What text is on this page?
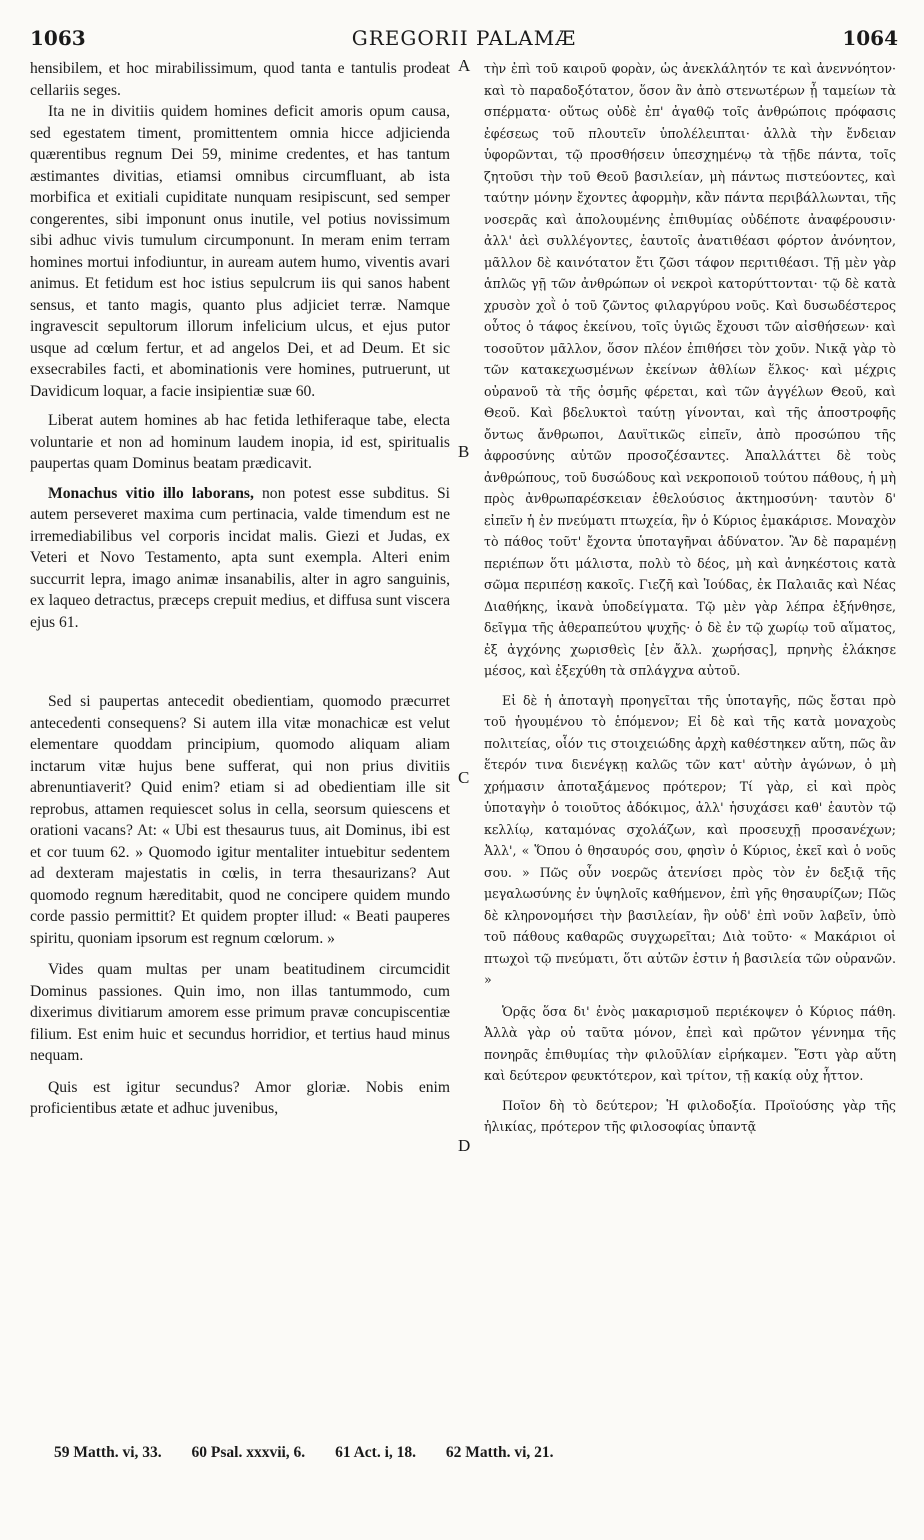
1063	GREGORII PALAMÆ	1064

hensibilem, et hoc mirabilissimum, quod tanta e tantulis prodeat cellariis seges.

Ita ne in divitiis quidem homines deficit amoris opum causa, sed egestatem timent, promittentem omnia hicce adjicienda quærentibus regnum Dei 59, minime credentes, et has tantum æstimantes divitias, etiamsi omnibus circumfluant, ab ista morbifica et exitiali cupiditate nunquam resipiscunt, sed semper congerentes, sibi imponunt onus inutile, vel potius novissimum sibi adhuc vivis tumulum circumponunt. In meram enim terram homines mortui infodiuntur, in auream autem humo, viventis avari animus. Et fetidum est hoc istius sepulcrum iis qui sanos habent sensus, et tanto magis, quanto plus adjiciet terræ. Namque ingravescit sepultorum illorum infelicium ulcus, et ejus putor usque ad cœlum fertur, et ad angelos Dei, et ad Deum. Et sic exsecrabiles facti, et abominationis vere homines, putruerunt, ut Davidicum loquar, a facie insipientiæ suæ 60.

Liberat autem homines ab hac fetida lethiferaque tabe, electa voluntarie et non ad hominum laudem inopia, id est, spiritualis paupertas quam Dominus beatam prædicavit.

Monachus vitio illo laborans, non potest esse subditus. Si autem perseveret maxima cum pertinacia, valde timendum est ne irremediabilibus vel corporis incidat malis. Giezi et Judas, ex Veteri et Novo Testamento, apta sunt exempla. Alteri enim succurrit lepra, imago animæ insanabilis, alter in agro sanguinis, ex laqueo detractus, præceps crepuit medius, et diffusa sunt viscera ejus 61.

Sed si paupertas antecedit obedientiam, quomodo præcurret antecedenti consequens? Si autem illa vitæ monachicæ est velut elementare quoddam principium, quomodo aliquam aliam inctarum vitæ hujus bene sufferat, qui non prius divitiis abrenuntiaverit? Quid enim? etiam si ad obedientiam ille sit reprobus, attamen requiescet solus in cella, seorsum quiescens et orationi vacans? At: « Ubi est thesaurus tuus, ait Dominus, ibi est et cor tuum 62. » Quomodo igitur mentaliter intuebitur sedentem ad dexteram majestatis in cœlis, in terra thesaurizans? Aut quomodo regnum hæreditabit, quod ne concipere quidem mundo corde passio permittit? Et quidem propter illud: « Beati pauperes spiritu, quoniam ipsorum est regnum cœlorum. »

Vides quam multas per unam beatitudinem circumcidit Dominus passiones. Quin imo, non illas tantummodo, cum dixerimus divitiarum amorem esse primum pravæ concupiscentiæ filium. Est enim huic et secundus horridior, et tertius haud minus nequam.

Quis est igitur secundus? Amor gloriæ. Nobis enim proficientibus ætate et adhuc juvenibus,

A
B
C
D

τὴν ἐπὶ τοῦ καιροῦ φορὰν, ὡς ἀνεκλάλητόν τε καὶ ἀνεννόητον· καὶ τὸ παραδοξότατον, ὅσον ἂν ἀπὸ στενωτέρων ᾖ ταμείων τὰ σπέρματα· οὕτως οὐδὲ ἐπ' ἀγαθῷ τοῖς ἀνθρώποις πρόφασις ἐφέσεως τοῦ πλουτεῖν ὑπολέλειπται· ἀλλὰ τὴν ἔνδειαν ὑφορῶνται, τῷ προσθήσειν ὑπεσχημένῳ τὰ τῇδε πάντα, τοῖς ζητοῦσι τὴν τοῦ Θεοῦ βασιλείαν, μὴ πάντως πιστεύοντες, καὶ ταύτην μόνην ἔχοντες ἀφορμὴν, κἂν πάντα περιβάλλωνται, τῆς νοσερᾶς καὶ ἀπολουμένης ἐπιθυμίας οὐδέποτε ἀναφέρουσιν· ἀλλ' ἀεὶ συλλέγοντες, ἑαυτοῖς ἀνατιθέασι φόρτον ἀνόνητον, μᾶλλον δὲ καινότατον ἔτι ζῶσι τάφον περιτιθέασι. Τῇ μὲν γὰρ ἁπλῶς γῇ τῶν ἀνθρώπων οἱ νεκροὶ κατορύττονται· τῷ δὲ κατὰ χρυσὸν χοῒ ὁ τοῦ ζῶντος φιλαργύρου νοῦς. Καὶ δυσωδέστερος οὗτος ὁ τάφος ἐκείνου, τοῖς ὑγιῶς ἔχουσι τῶν αἰσθήσεων· καὶ τοσοῦτον μᾶλλον, ὅσον πλέον ἐπιθήσει τὸν χοῦν. Νικᾷ γὰρ τὸ τῶν κατακεχωσμένων ἐκείνων ἀθλίων ἕλκος· καὶ μέχρις οὐρανοῦ τὰ τῆς ὀσμῆς φέρεται, καὶ τῶν ἀγγέλων Θεοῦ, καὶ Θεοῦ. Καὶ βδελυκτοὶ ταύτῃ γίνονται, καὶ τῆς ἀποστροφῆς ὄντως ἄνθρωποι, Δαυϊτικῶς εἰπεῖν, ἀπὸ προσώπου τῆς ἀφροσύνης αὐτῶν προσοζέσαντες. Ἀπαλλάττει δὲ τοὺς ἀνθρώπους, τοῦ δυσώδους καὶ νεκροποιοῦ τούτου πάθους, ἡ μὴ πρὸς ἀνθρωπαρέσκειαν ἐθελούσιος ἀκτημοσύνη· ταυτὸν δ' εἰπεῖν ἡ ἐν πνεύματι πτωχεία, ἣν ὁ Κύριος ἐμακάρισε. Μοναχὸν τὸ πάθος τοῦτ' ἔχοντα ὑποταγῆναι ἀδύνατον. Ἂν δὲ παραμένῃ περιέπων ὅτι μάλιστα, πολὺ τὸ δέος, μὴ καὶ ἀνηκέστοις κατὰ σῶμα περιπέσῃ κακοῖς. Γιεζῆ καὶ Ἰούδας, ἐκ Παλαιᾶς καὶ Νέας Διαθήκης, ἱκανὰ ὑποδείγματα. Τῷ μὲν γὰρ λέπρα ἐξήνθησε, δεῖγμα τῆς ἀθεραπεύτου ψυχῆς· ὁ δὲ ἐν τῷ χωρίῳ τοῦ αἵματος, ἐξ ἀγχόνης χωρισθεὶς [ἐν ἄλλ. χωρήσας], πρηνὴς ἐλάκησε μέσος, καὶ ἐξεχύθη τὰ σπλάγχνα αὐτοῦ.

Εἰ δὲ ἡ ἀποταγὴ προηγεῖται τῆς ὑποταγῆς, πῶς ἔσται πρὸ τοῦ ἡγουμένου τὸ ἑπόμενον; Εἰ δὲ καὶ τῆς κατὰ μοναχοὺς πολιτείας, οἷόν τις στοιχειώδης ἀρχὴ καθέστηκεν αὕτη, πῶς ἂν ἕτερόν τινα διενέγκῃ καλῶς τῶν κατ' αὐτὴν ἀγώνων, ὁ μὴ χρήμασιν ἀποταξάμενος πρότερον; Τί γὰρ, εἰ καὶ πρὸς ὑποταγὴν ὁ τοιοῦτος ἀδόκιμος, ἀλλ' ἡσυχάσει καθ' ἑαυτὸν τῷ κελλίῳ, καταμόνας σχολάζων, καὶ προσευχῇ προσανέχων; Ἀλλ', « Ὅπου ὁ θησαυρός σου, φησὶν ὁ Κύριος, ἐκεῖ καὶ ὁ νοῦς σου. » Πῶς οὖν νοερῶς ἀτενίσει πρὸς τὸν ἐν δεξιᾷ τῆς μεγαλωσύνης ἐν ὑψηλοῖς καθήμενον, ἐπὶ γῆς θησαυρίζων; Πῶς δὲ κληρονομήσει τὴν βασιλείαν, ἣν οὐδ' ἐπὶ νοῦν λαβεῖν, ὑπὸ τοῦ πάθους καθαρῶς συγχωρεῖται; Διὰ τοῦτο· « Μακάριοι οἱ πτωχοὶ τῷ πνεύματι, ὅτι αὐτῶν ἐστιν ἡ βασιλεία τῶν οὐρανῶν. »

Ὁρᾷς ὅσα δι' ἑνὸς μακαρισμοῦ περιέκοψεν ὁ Κύριος πάθη. Ἀλλὰ γὰρ οὐ ταῦτα μόνον, ἐπεὶ καὶ πρῶτον γέννημα τῆς πονηρᾶς ἐπιθυμίας τὴν φιλοῦλίαν εἰρήκαμεν. Ἔστι γὰρ αὕτη καὶ δεύτερον φευκτότερον, καὶ τρίτον, τῇ κακίᾳ οὐχ ἧττον.

Ποῖον δὴ τὸ δεύτερον; Ἡ φιλοδοξία. Προϊούσης γὰρ τῆς ἡλικίας, πρότερον τῆς φιλοσοφίας ὑπαντᾷ

59 Matth. vi, 33. 60 Psal. xxxvii, 6. 61 Act. i, 18. 62 Matth. vi, 21.
